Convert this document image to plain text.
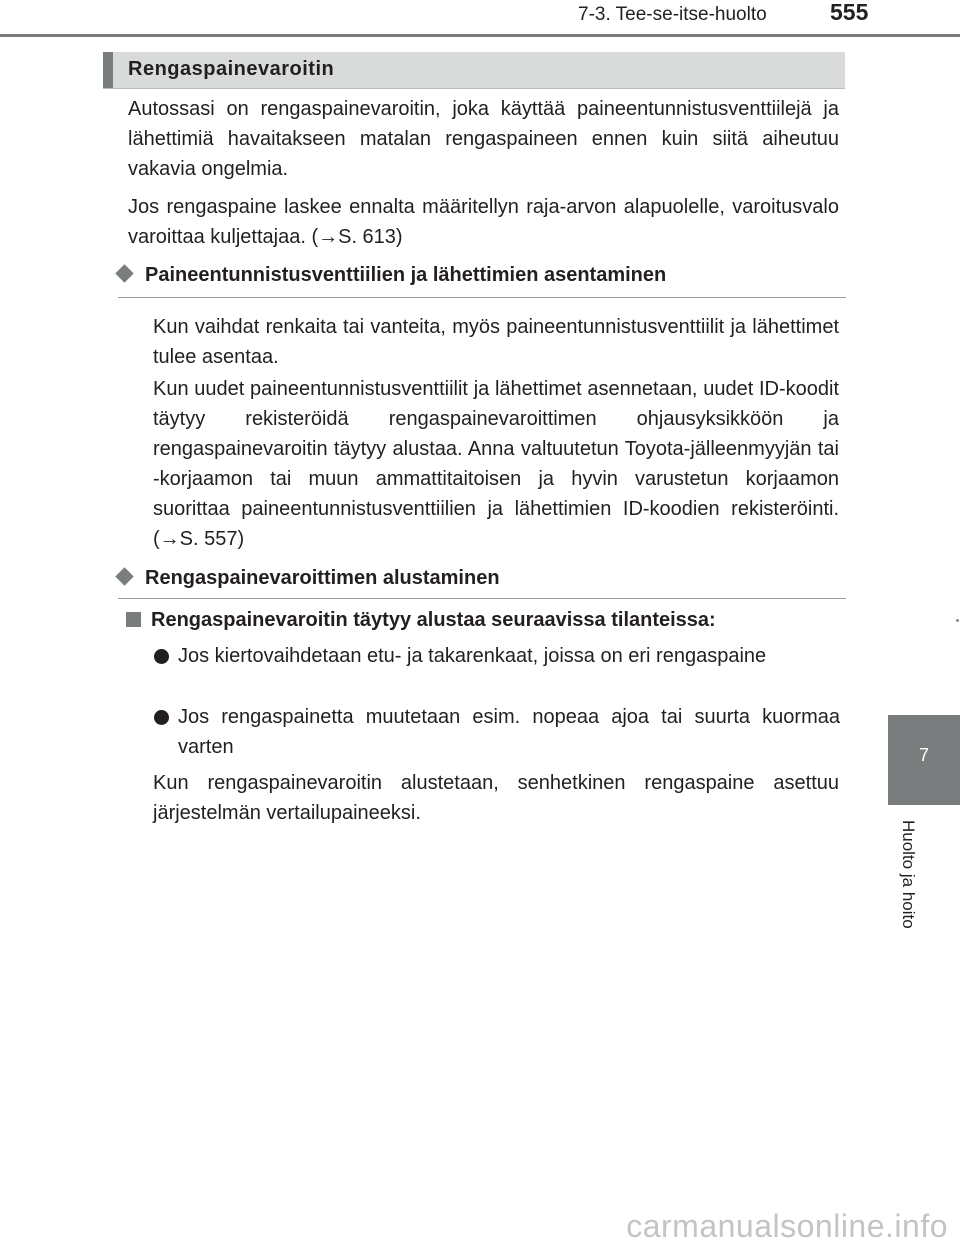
7-3. Tee-se-itse-huolto	555
Rengaspainevaroitin

Autossasi on rengaspainevaroitin, joka käyttää paineentunnistusventtiilejä ja lähettimiä havaitakseen matalan rengaspaineen ennen kuin siitä aiheutuu vakavia ongelmia.

Jos rengaspaine laskee ennalta määritellyn raja-arvon alapuolelle, varoitusvalo varoittaa kuljettajaa. (→S. 613)

Paineentunnistusventtiilien ja lähettimien asentaminen

Kun vaihdat renkaita tai vanteita, myös paineentunnistusventtiilit ja lähettimet tulee asentaa.

Kun uudet paineentunnistusventtiilit ja lähettimet asennetaan, uudet ID-koodit täytyy rekisteröidä rengaspainevaroittimen ohjausyksikköön ja rengaspainevaroitin täytyy alustaa. Anna valtuutetun Toyota-jälleenmyyjän tai -korjaamon tai muun ammattitaitoisen ja hyvin varustetun korjaamon suorittaa paineentunnistusventtiilien ja lähettimien ID-koodien rekisteröinti. (→S. 557)

Rengaspainevaroittimen alustaminen
Rengaspainevaroitin täytyy alustaa seuraavissa tilanteissa:
Jos kiertovaihdetaan etu- ja takarenkaat, joissa on eri rengaspaine
Jos rengaspainetta muutetaan esim. nopeaa ajoa tai suurta kuormaa varten

Kun rengaspainevaroitin alustetaan, senhetkinen rengaspaine asettuu järjestelmän vertailupaineeksi.

7
Huolto ja hoito
carmanualsonline.info
